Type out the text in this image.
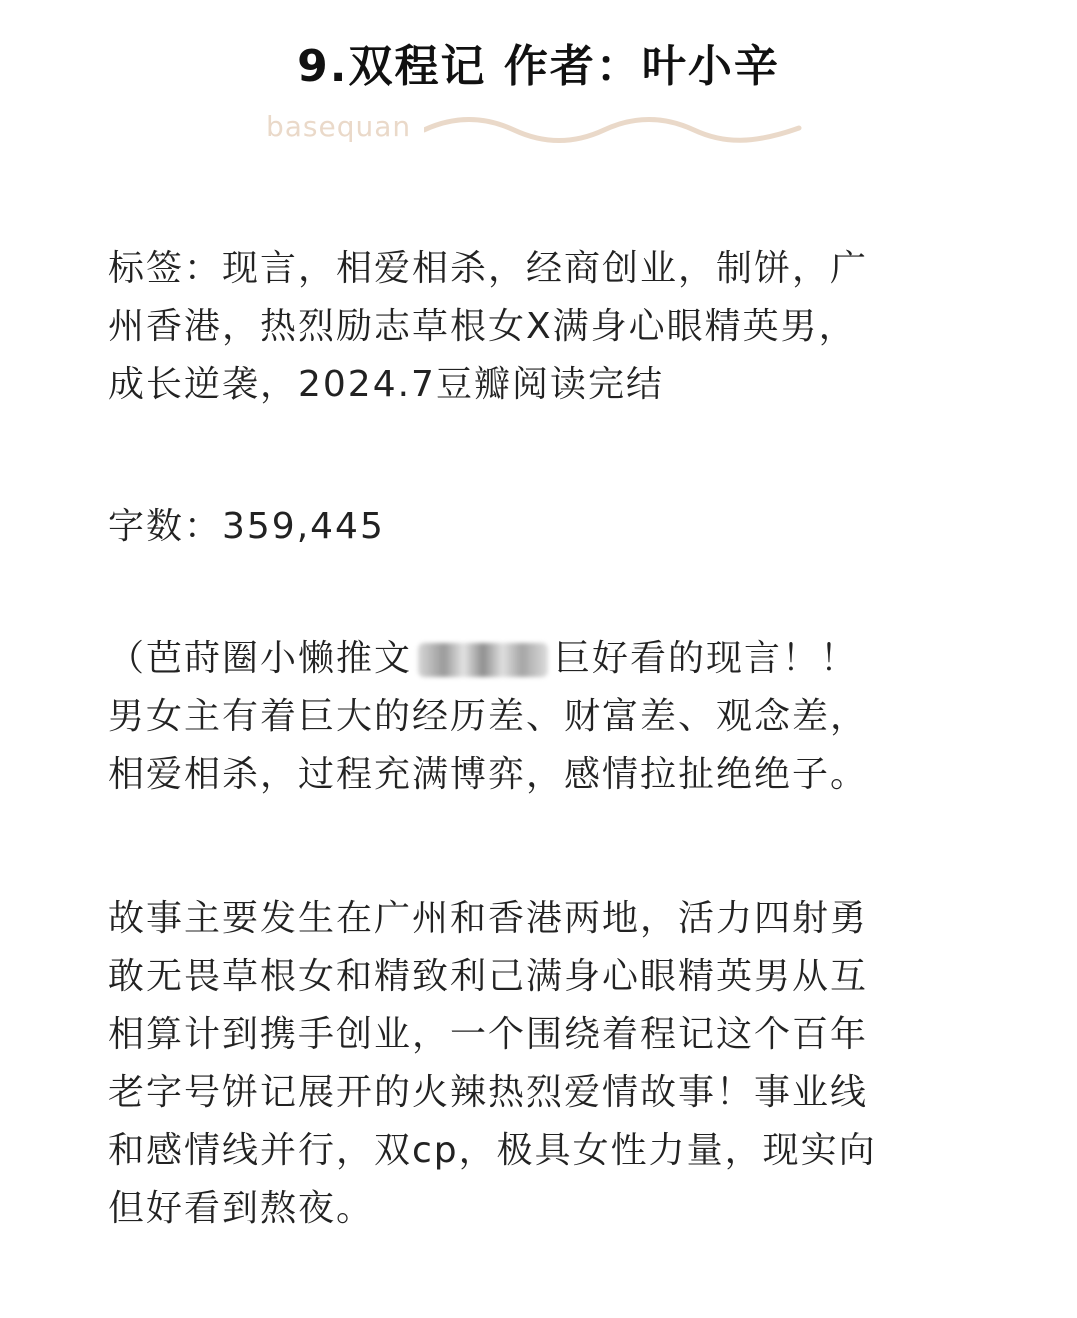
9.双程记 作者：叶小辛
basequan

标签：现言，相爱相杀，经商创业，制饼，广
州香港，热烈励志草根女X满身心眼精英男，
成长逆袭，2024.7豆瓣阅读完结

字数：359,445

（芭莳圈小懒推文	巨好看的现言！！
男女主有着巨大的经历差、财富差、观念差，
相爱相杀，过程充满博弈，感情拉扯绝绝子。

故事主要发生在广州和香港两地，活力四射勇
敢无畏草根女和精致利己满身心眼精英男从互
相算计到携手创业，一个围绕着程记这个百年
老字号饼记展开的火辣热烈爱情故事！事业线
和感情线并行，双cp，极具女性力量，现实向
但好看到熬夜。
